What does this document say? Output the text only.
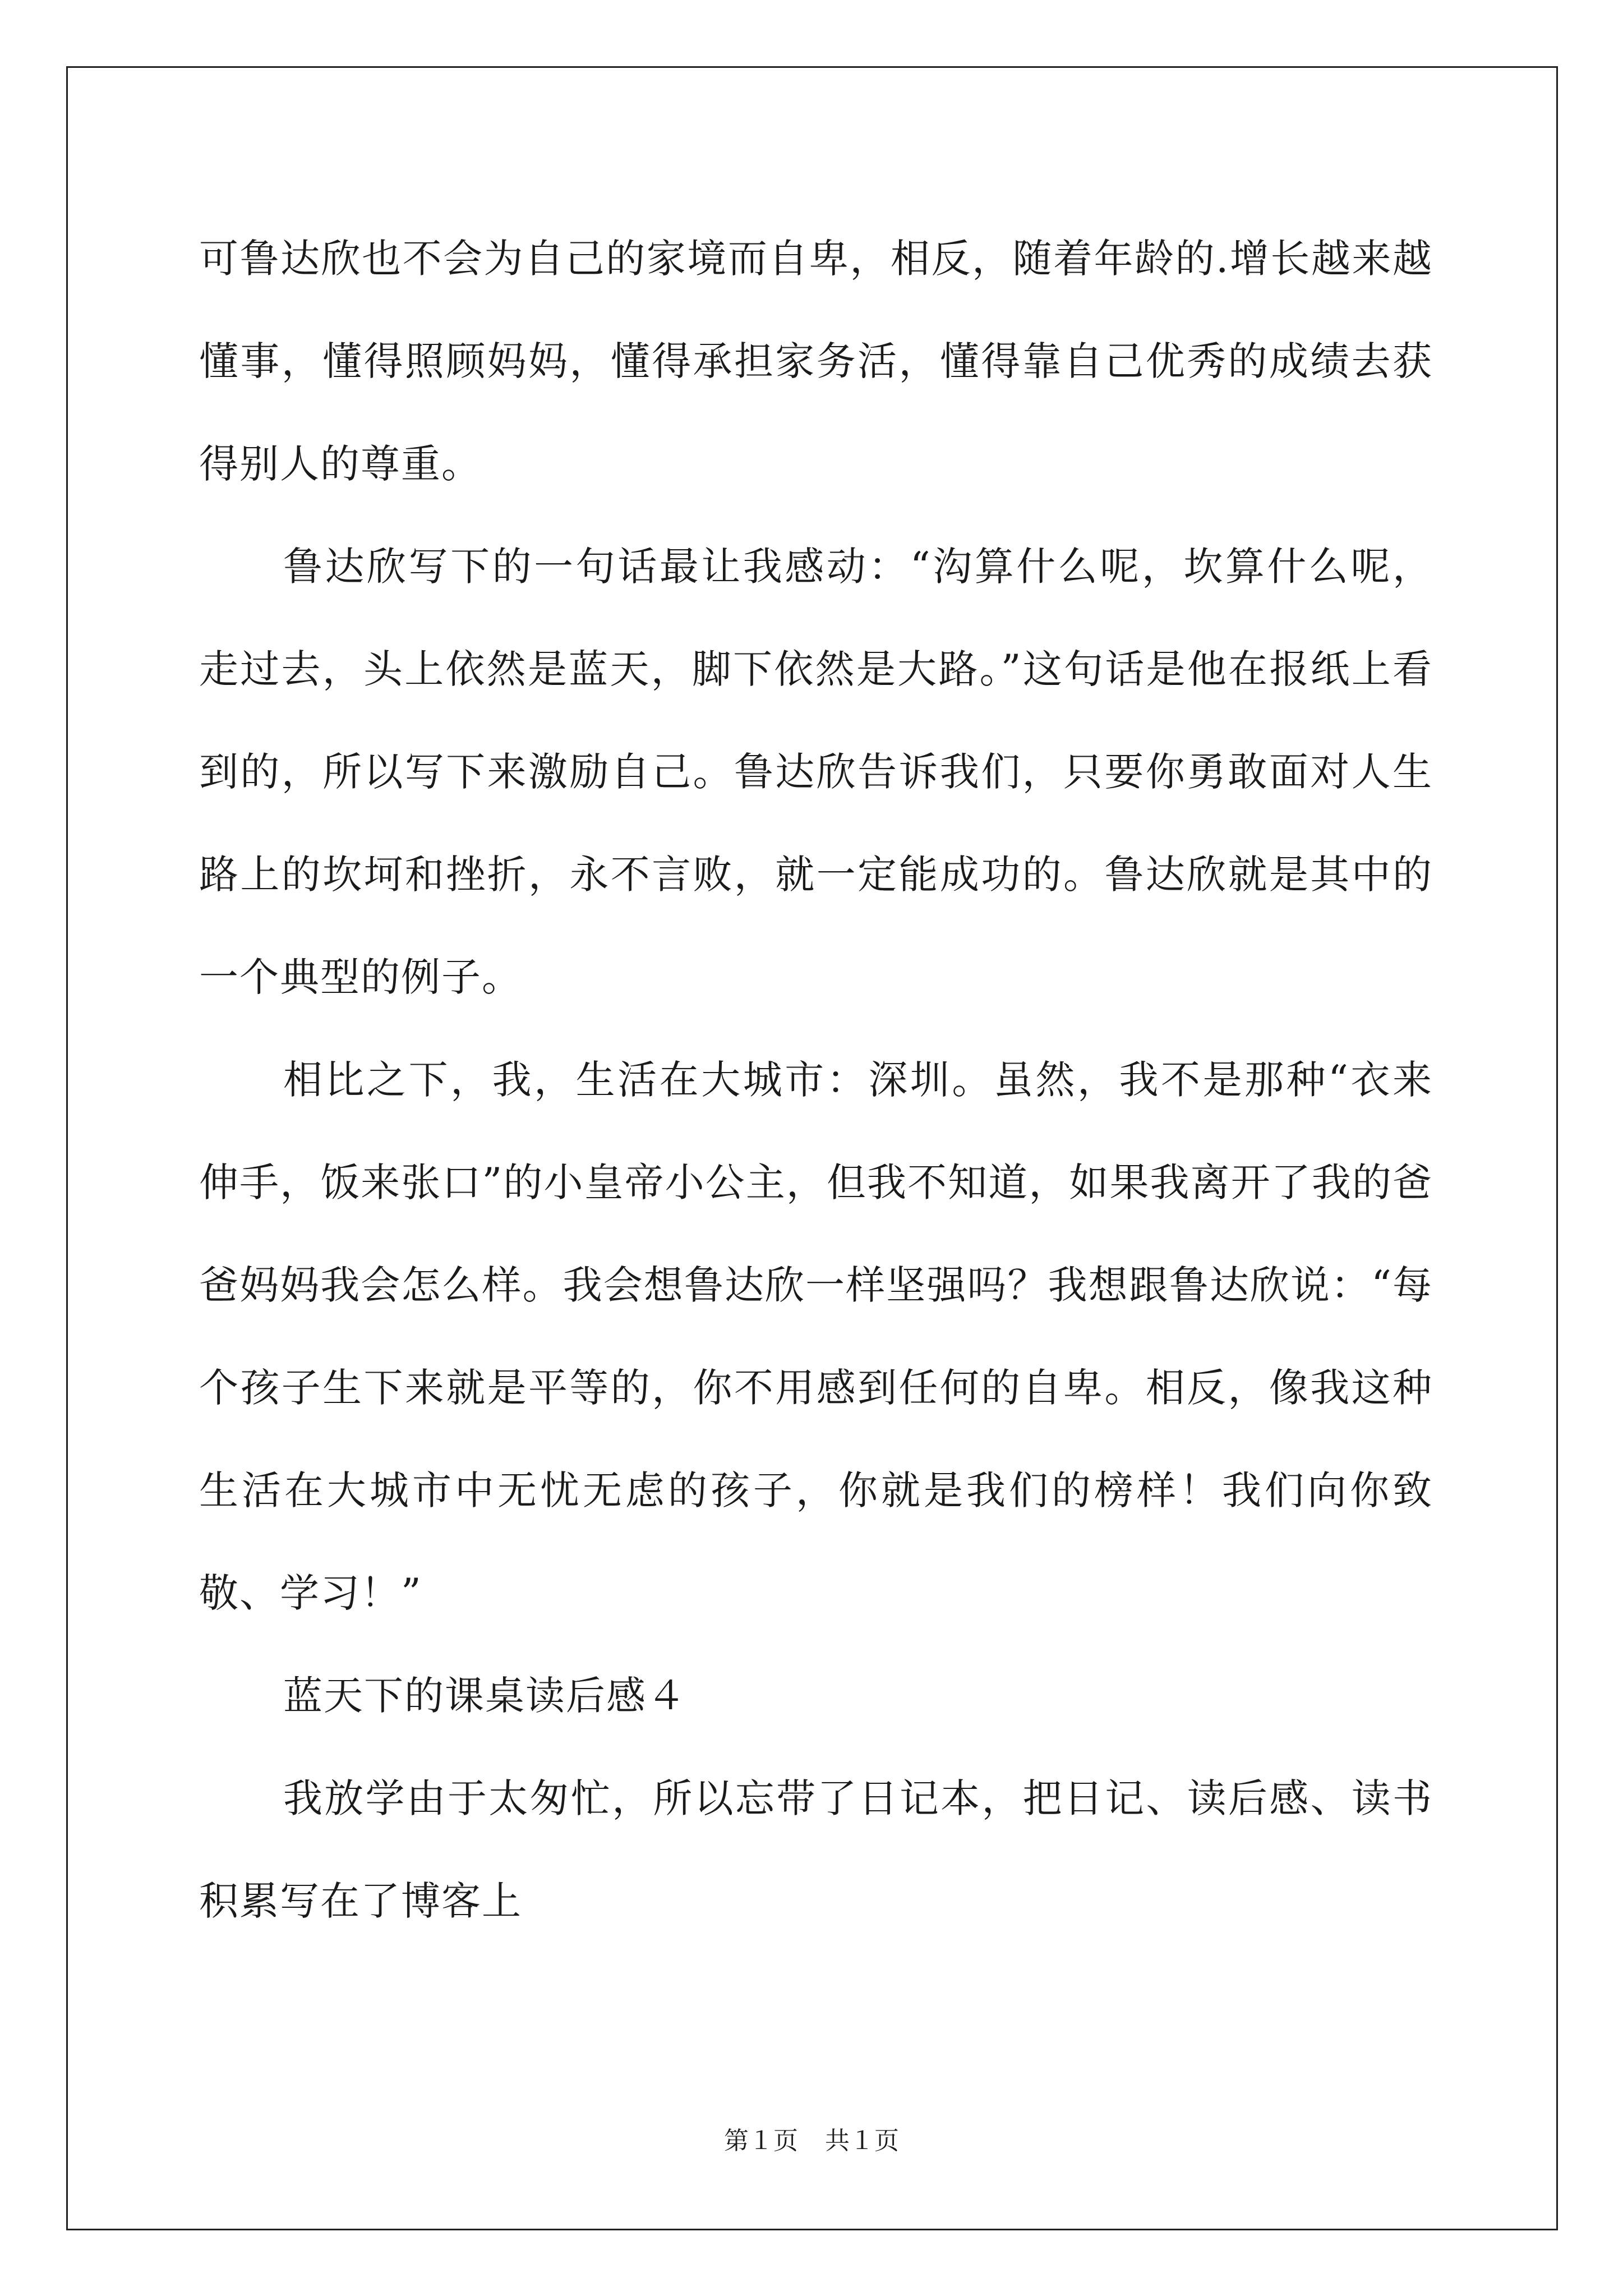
可鲁达欣也不会为自己的家境而自卑，相反，随着年龄的.增长越来越懂事，懂得照顾妈妈，懂得承担家务活，懂得靠自己优秀的成绩去获得别人的尊重。

鲁达欣写下的一句话最让我感动：“沟算什么呢，坎算什么呢，走过去，头上依然是蓝天，脚下依然是大路。”这句话是他在报纸上看到的，所以写下来激励自己。鲁达欣告诉我们，只要你勇敢面对人生路上的坎坷和挫折，永不言败，就一定能成功的。鲁达欣就是其中的一个典型的例子。

相比之下，我，生活在大城市：深圳。虽然，我不是那种“衣来伸手，饭来张口”的小皇帝小公主，但我不知道，如果我离开了我的爸爸妈妈我会怎么样。我会想鲁达欣一样坚强吗？我想跟鲁达欣说：“每个孩子生下来就是平等的，你不用感到任何的自卑。相反，像我这种生活在大城市中无忧无虑的孩子，你就是我们的榜样！我们向你致敬、学习！”

蓝天下的课桌读后感４

我放学由于太匆忙，所以忘带了日记本，把日记、读后感、读书积累写在了博客上

第１页 共１页
